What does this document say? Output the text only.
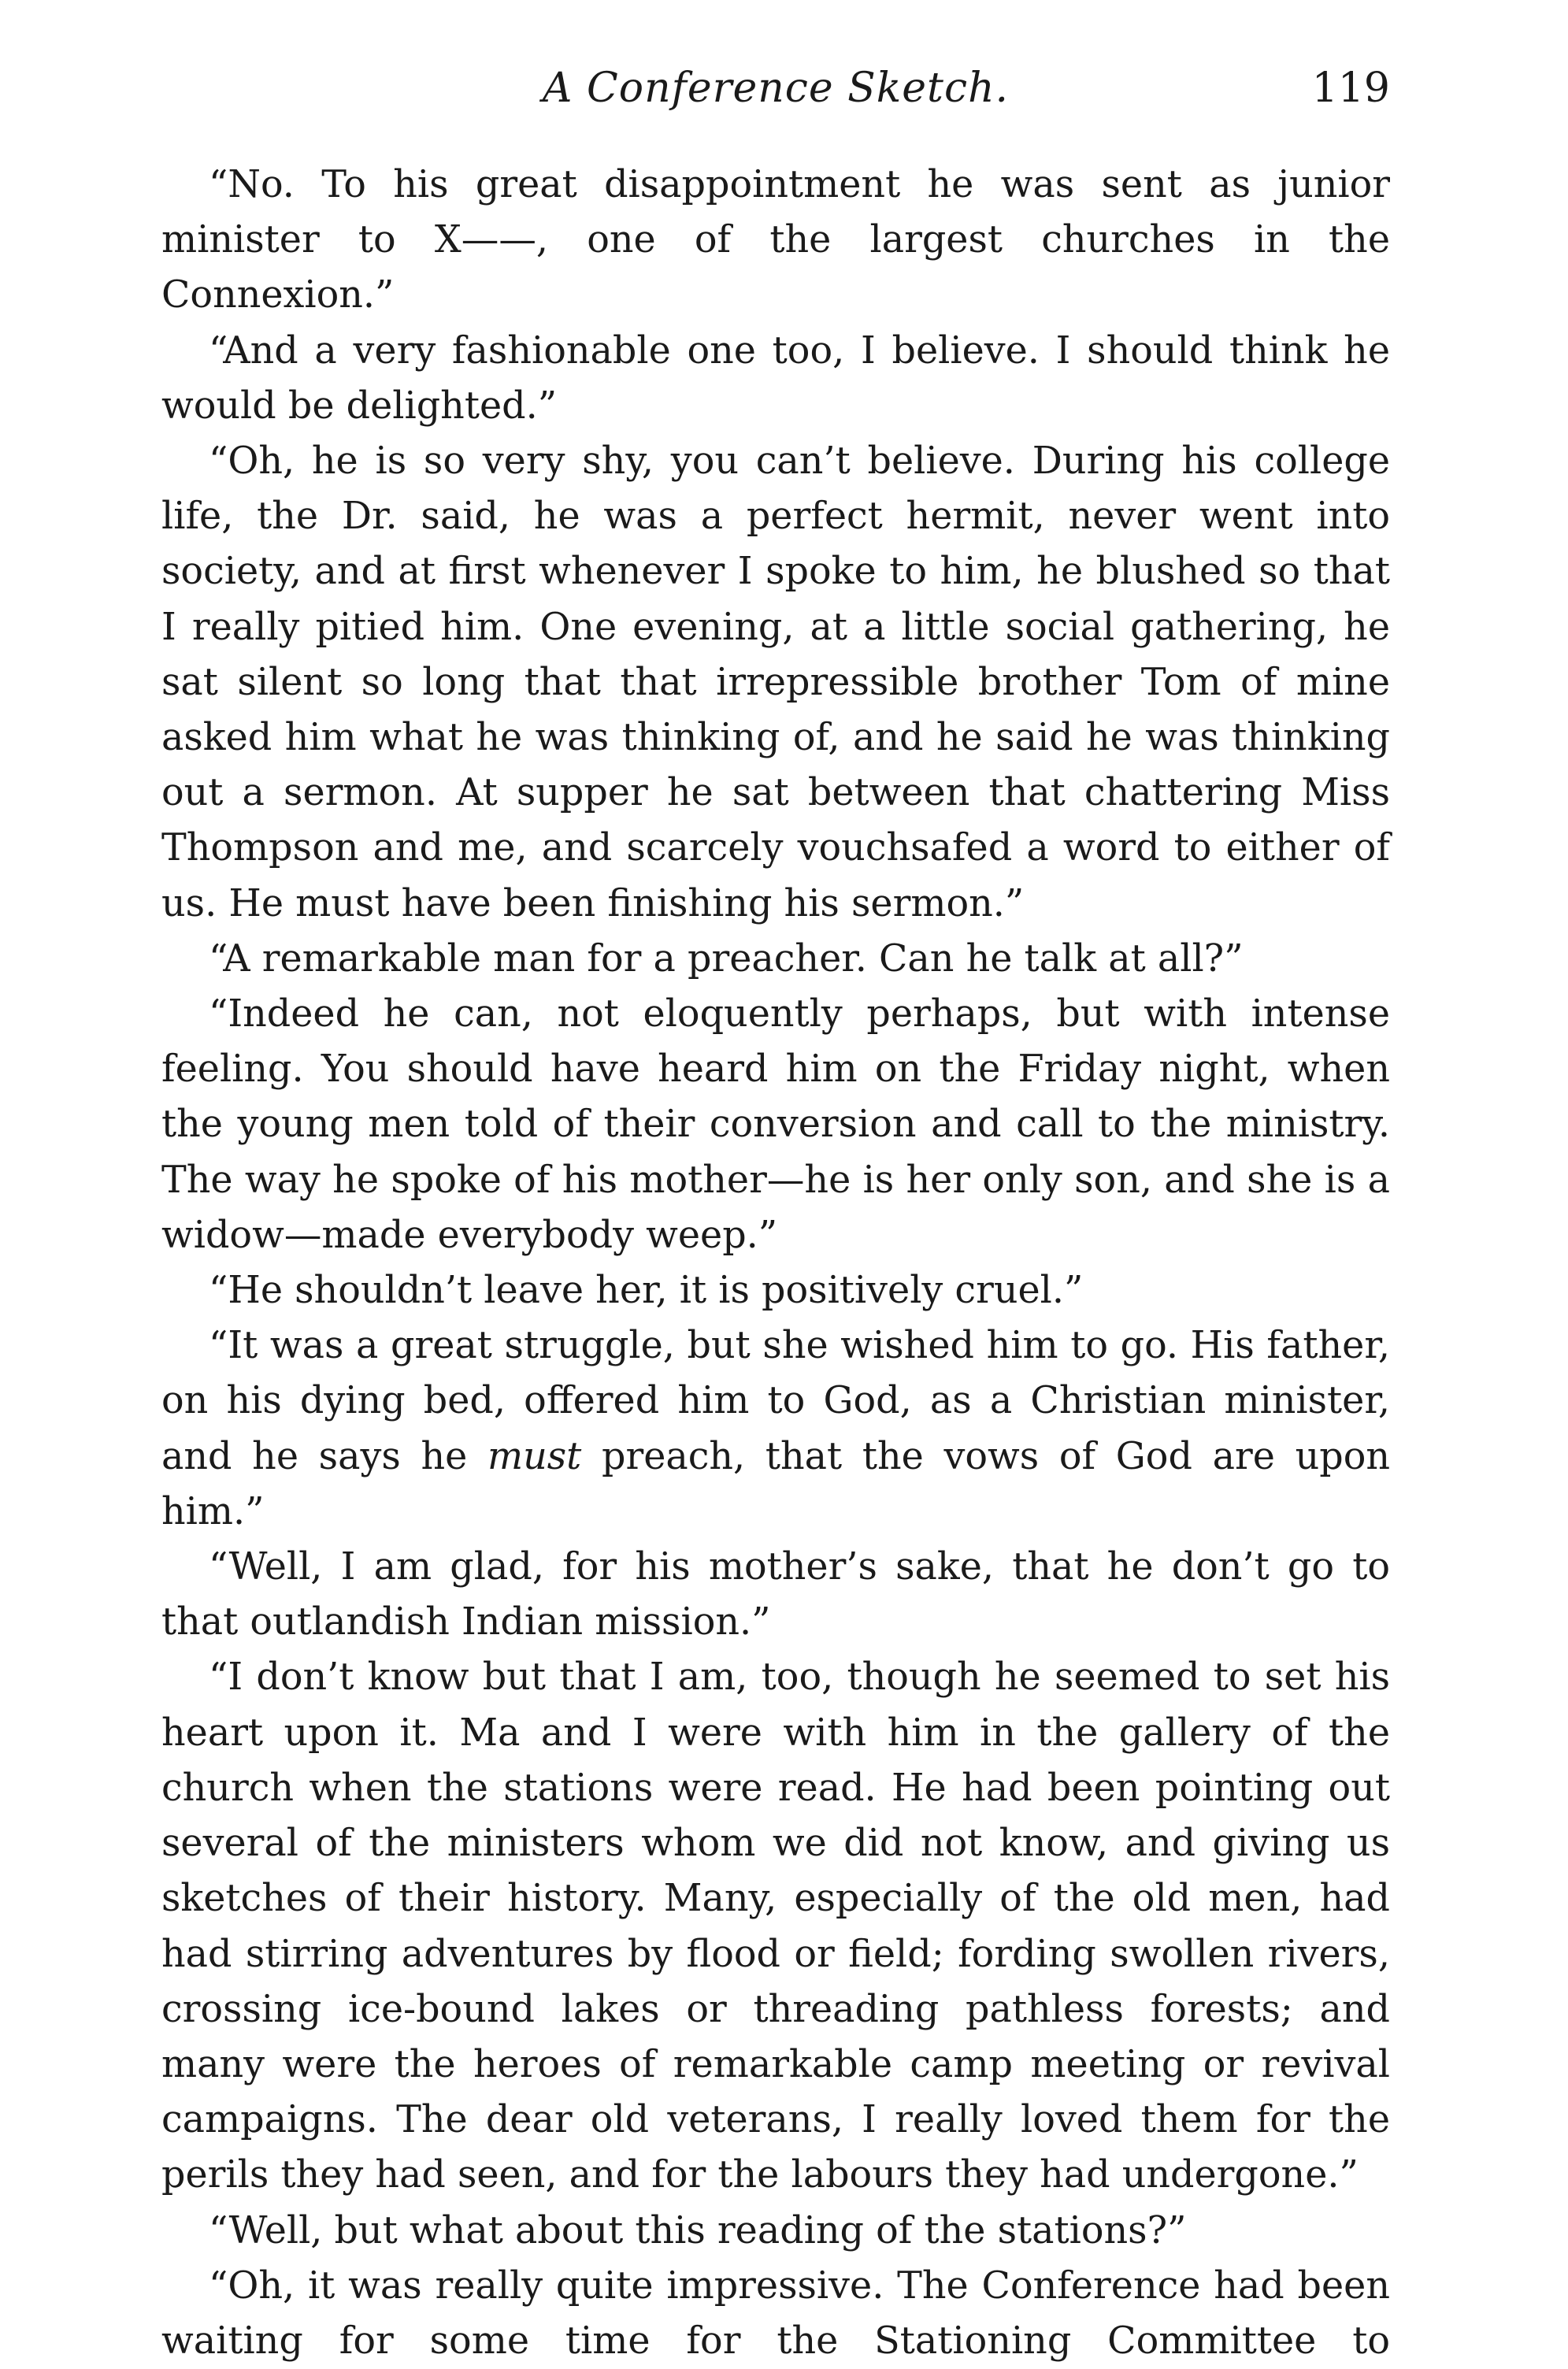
A Conference Sketch.	119

“No. To his great disappointment he was sent as junior minister to X——, one of the largest churches in the Connexion.”

“And a very fashionable one too, I believe. I should think he would be delighted.”

“Oh, he is so very shy, you can’t believe. During his college life, the Dr. said, he was a perfect hermit, never went into society, and at first whenever I spoke to him, he blushed so that I really pitied him. One evening, at a little social gathering, he sat silent so long that that irrepressible brother Tom of mine asked him what he was thinking of, and he said he was thinking out a sermon. At supper he sat between that chattering Miss Thompson and me, and scarcely vouchsafed a word to either of us. He must have been finishing his sermon.”

“A remarkable man for a preacher. Can he talk at all?”

“Indeed he can, not eloquently perhaps, but with intense feeling. You should have heard him on the Friday night, when the young men told of their conversion and call to the ministry. The way he spoke of his mother—he is her only son, and she is a widow—made everybody weep.”

“He shouldn’t leave her, it is positively cruel.”

“It was a great struggle, but she wished him to go. His father, on his dying bed, offered him to God, as a Christian minister, and he says he must preach, that the vows of God are upon him.”

“Well, I am glad, for his mother’s sake, that he don’t go to that outlandish Indian mission.”

“I don’t know but that I am, too, though he seemed to set his heart upon it. Ma and I were with him in the gallery of the church when the stations were read. He had been pointing out several of the ministers whom we did not know, and giving us sketches of their history. Many, especially of the old men, had had stirring adventures by flood or field; fording swollen rivers, crossing ice-bound lakes or threading pathless forests; and many were the heroes of remarkable camp meeting or revival campaigns. The dear old veterans, I really loved them for the perils they had seen, and for the labours they had undergone.”

“Well, but what about this reading of the stations?”

“Oh, it was really quite impressive. The Conference had been waiting for some time for the Stationing Committee to
